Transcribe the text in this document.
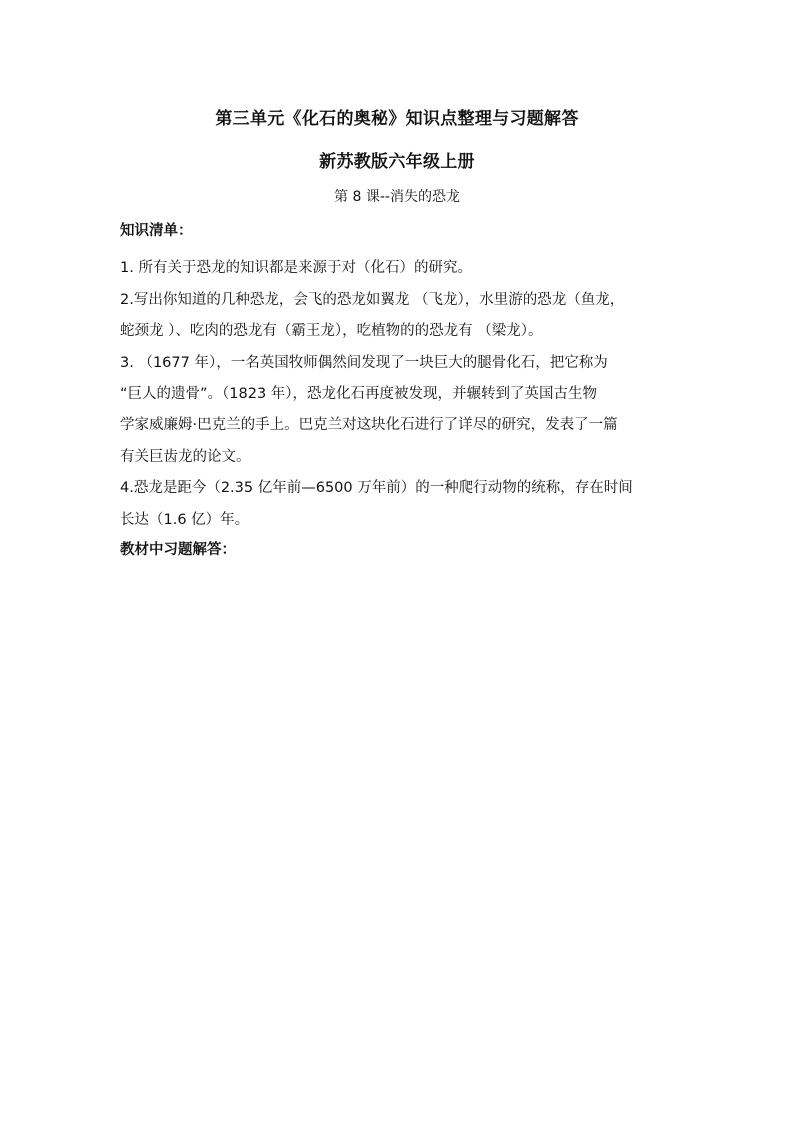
第三单元《化石的奥秘》知识点整理与习题解答
新苏教版六年级上册
第 8 课--消失的恐龙
知识清单：
1. 所有关于恐龙的知识都是来源于对（化石）的研究。
2.写出你知道的几种恐龙，会飞的恐龙如翼龙 （飞龙），水里游的恐龙（鱼龙，
蛇颈龙 ）、吃肉的恐龙有（霸王龙），吃植物的的恐龙有 （梁龙）。
3. （1677 年），一名英国牧师偶然间发现了一块巨大的腿骨化石，把它称为
“巨人的遗骨”。（1823 年），恐龙化石再度被发现，并辗转到了英国古生物
学家威廉姆·巴克兰的手上。巴克兰对这块化石进行了详尽的研究，发表了一篇
有关巨齿龙的论文。
4.恐龙是距今（2.35 亿年前—6500 万年前）的一种爬行动物的统称，存在时间
长达（1.6 亿）年。
教材中习题解答：
